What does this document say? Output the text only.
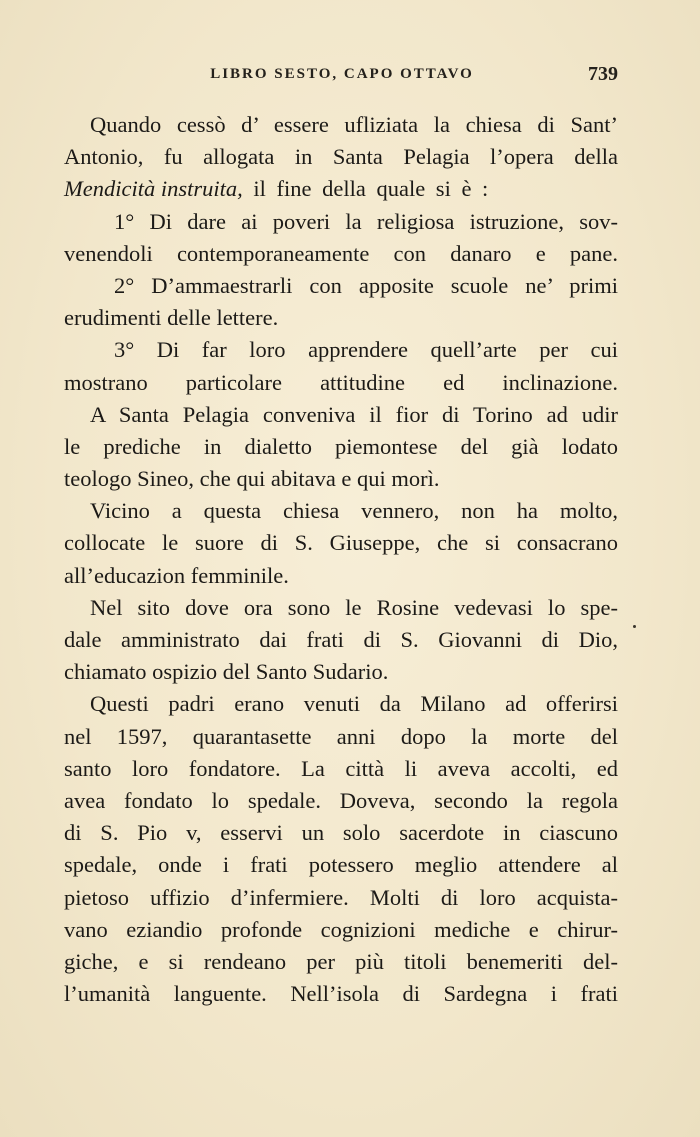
LIBRO SESTO, CAPO OTTAVO	739
Quando cessò d’ essere ufliziata la chiesa di Sant’
Antonio, fu allogata in Santa Pelagia l’opera della
Mendicità instruita, il fine della quale si è :
1° Di dare ai poveri la religiosa istruzione, sov-
venendoli contemporaneamente con danaro e pane.
2° D’ammaestrarli con apposite scuole ne’ primi
erudimenti delle lettere.
3° Di far loro apprendere quell’arte per cui
mostrano particolare attitudine ed inclinazione.
A Santa Pelagia conveniva il fior di Torino ad udir
le prediche in dialetto piemontese del già lodato
teologo Sineo, che qui abitava e qui morì.
Vicino a questa chiesa vennero, non ha molto,
collocate le suore di S. Giuseppe, che si consacrano
all’educazion femminile.
Nel sito dove ora sono le Rosine vedevasi lo spe-
dale amministrato dai frati di S. Giovanni di Dio,
chiamato ospizio del Santo Sudario.
Questi padri erano venuti da Milano ad offerirsi
nel 1597, quarantasette anni dopo la morte del
santo loro fondatore. La città li aveva accolti, ed
avea fondato lo spedale. Doveva, secondo la regola
di S. Pio v, esservi un solo sacerdote in ciascuno
spedale, onde i frati potessero meglio attendere al
pietoso uffizio d’infermiere. Molti di loro acquista-
vano eziandio profonde cognizioni mediche e chirur-
giche, e si rendeano per più titoli benemeriti del-
l’umanità languente. Nell’isola di Sardegna i frati
